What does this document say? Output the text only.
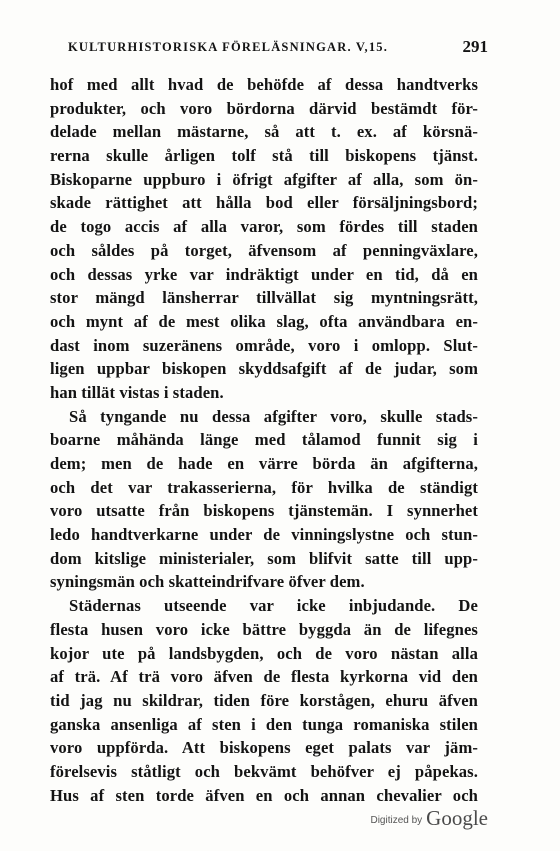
KULTURHISTORISKA FÖRELÄSNINGAR. V,15.	291
hof med allt hvad de behöfde af dessa handtverks
produkter, och voro bördorna därvid bestämdt för-
delade mellan mästarne, så att t. ex. af körsnä-
rerna skulle årligen tolf stå till biskopens tjänst.
Biskoparne uppburo i öfrigt afgifter af alla, som ön-
skade rättighet att hålla bod eller försäljningsbord;
de togo accis af alla varor, som fördes till staden
och såldes på torget, äfvensom af penningväxlare,
och dessas yrke var indräktigt under en tid, då en
stor mängd länsherrar tillvällat sig myntningsrätt,
och mynt af de mest olika slag, ofta användbara en-
dast inom suzeränens område, voro i omlopp. Slut-
ligen uppbar biskopen skyddsafgift af de judar, som
han tillät vistas i staden.
Så tyngande nu dessa afgifter voro, skulle stads-
boarne måhända länge med tålamod funnit sig i
dem; men de hade en värre börda än afgifterna,
och det var trakasserierna, för hvilka de ständigt
voro utsatte från biskopens tjänstemän. I synnerhet
ledo handtverkarne under de vinningslystne och stun-
dom kitslige ministerialer, som blifvit satte till upp-
syningsmän och skatteindrifvare öfver dem.
Städernas utseende var icke inbjudande. De
flesta husen voro icke bättre byggda än de lifegnes
kojor ute på landsbygden, och de voro nästan alla
af trä. Af trä voro äfven de flesta kyrkorna vid den
tid jag nu skildrar, tiden före korstågen, ehuru äfven
ganska ansenliga af sten i den tunga romaniska stilen
voro uppförda. Att biskopens eget palats var jäm-
förelsevis ståtligt och bekvämt behöfver ej påpekas.
Hus af sten torde äfven en och annan chevalier och
Digitized by Google
